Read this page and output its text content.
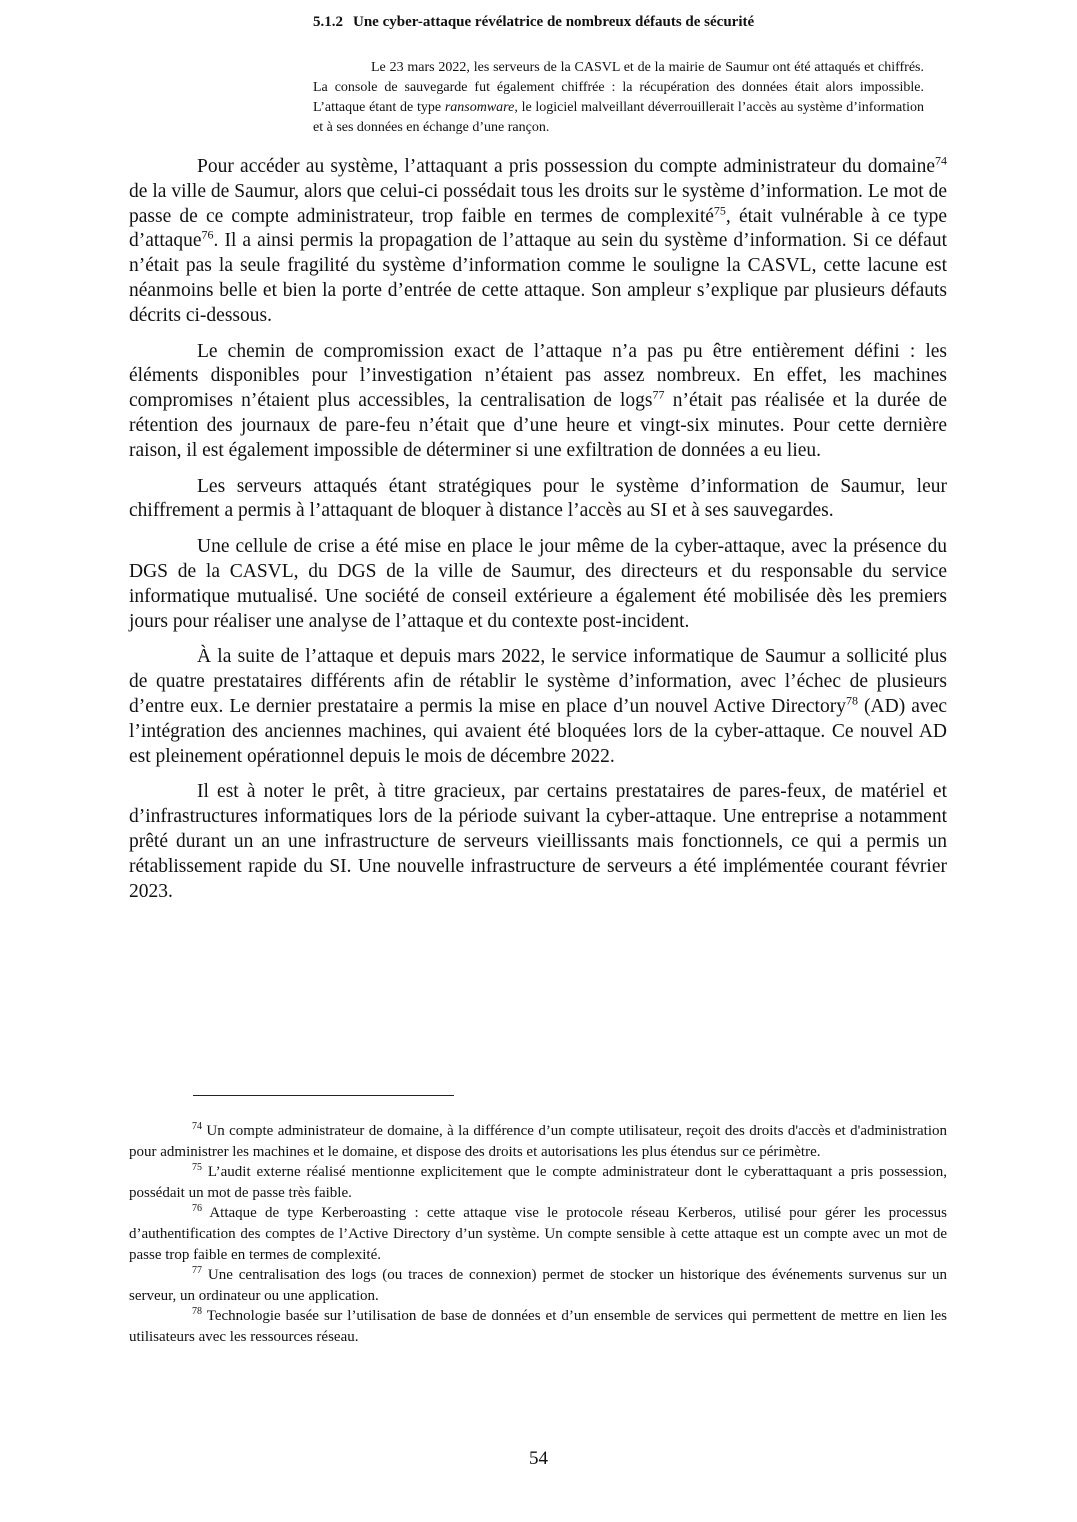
5.1.2 Une cyber-attaque révélatrice de nombreux défauts de sécurité

Le 23 mars 2022, les serveurs de la CASVL et de la mairie de Saumur ont été attaqués et chiffrés. La console de sauvegarde fut également chiffrée : la récupération des données était alors impossible. L’attaque étant de type ransomware, le logiciel malveillant déverrouillerait l’accès au système d’information et à ses données en échange d’une rançon.

Pour accéder au système, l’attaquant a pris possession du compte administrateur du domaine$^{74}$ de la ville de Saumur, alors que celui-ci possédait tous les droits sur le système d’information. Le mot de passe de ce compte administrateur, trop faible en termes de complexité$^{75}$, était vulnérable à ce type d’attaque$^{76}$. Il a ainsi permis la propagation de l’attaque au sein du système d’information. Si ce défaut n’était pas la seule fragilité du système d’information comme le souligne la CASVL, cette lacune est néanmoins belle et bien la porte d’entrée de cette attaque. Son ampleur s’explique par plusieurs défauts décrits ci-dessous.

Le chemin de compromission exact de l’attaque n’a pas pu être entièrement défini : les éléments disponibles pour l’investigation n’étaient pas assez nombreux. En effet, les machines compromises n’étaient plus accessibles, la centralisation de logs$^{77}$ n’était pas réalisée et la durée de rétention des journaux de pare-feu n’était que d’une heure et vingt-six minutes. Pour cette dernière raison, il est également impossible de déterminer si une exfiltration de données a eu lieu.

Les serveurs attaqués étant stratégiques pour le système d’information de Saumur, leur chiffrement a permis à l’attaquant de bloquer à distance l’accès au SI et à ses sauvegardes.

Une cellule de crise a été mise en place le jour même de la cyber-attaque, avec la présence du DGS de la CASVL, du DGS de la ville de Saumur, des directeurs et du responsable du service informatique mutualisé. Une société de conseil extérieure a également été mobilisée dès les premiers jours pour réaliser une analyse de l’attaque et du contexte post-incident.

À la suite de l’attaque et depuis mars 2022, le service informatique de Saumur a sollicité plus de quatre prestataires différents afin de rétablir le système d’information, avec l’échec de plusieurs d’entre eux. Le dernier prestataire a permis la mise en place d’un nouvel Active Directory$^{78}$ (AD) avec l’intégration des anciennes machines, qui avaient été bloquées lors de la cyber-attaque. Ce nouvel AD est pleinement opérationnel depuis le mois de décembre 2022.

Il est à noter le prêt, à titre gracieux, par certains prestataires de pares-feux, de matériel et d’infrastructures informatiques lors de la période suivant la cyber-attaque. Une entreprise a notamment prêté durant un an une infrastructure de serveurs vieillissants mais fonctionnels, ce qui a permis un rétablissement rapide du SI. Une nouvelle infrastructure de serveurs a été implémentée courant février 2023.

$^{74}$ Un compte administrateur de domaine, à la différence d’un compte utilisateur, reçoit des droits d'accès et d'administration pour administrer les machines et le domaine, et dispose des droits et autorisations les plus étendus sur ce périmètre.

$^{75}$ L’audit externe réalisé mentionne explicitement que le compte administrateur dont le cyberattaquant a pris possession, possédait un mot de passe très faible.

$^{76}$ Attaque de type Kerberoasting : cette attaque vise le protocole réseau Kerberos, utilisé pour gérer les processus d’authentification des comptes de l’Active Directory d’un système. Un compte sensible à cette attaque est un compte avec un mot de passe trop faible en termes de complexité.

$^{77}$ Une centralisation des logs (ou traces de connexion) permet de stocker un historique des événements survenus sur un serveur, un ordinateur ou une application.

$^{78}$ Technologie basée sur l’utilisation de base de données et d’un ensemble de services qui permettent de mettre en lien les utilisateurs avec les ressources réseau.

54
